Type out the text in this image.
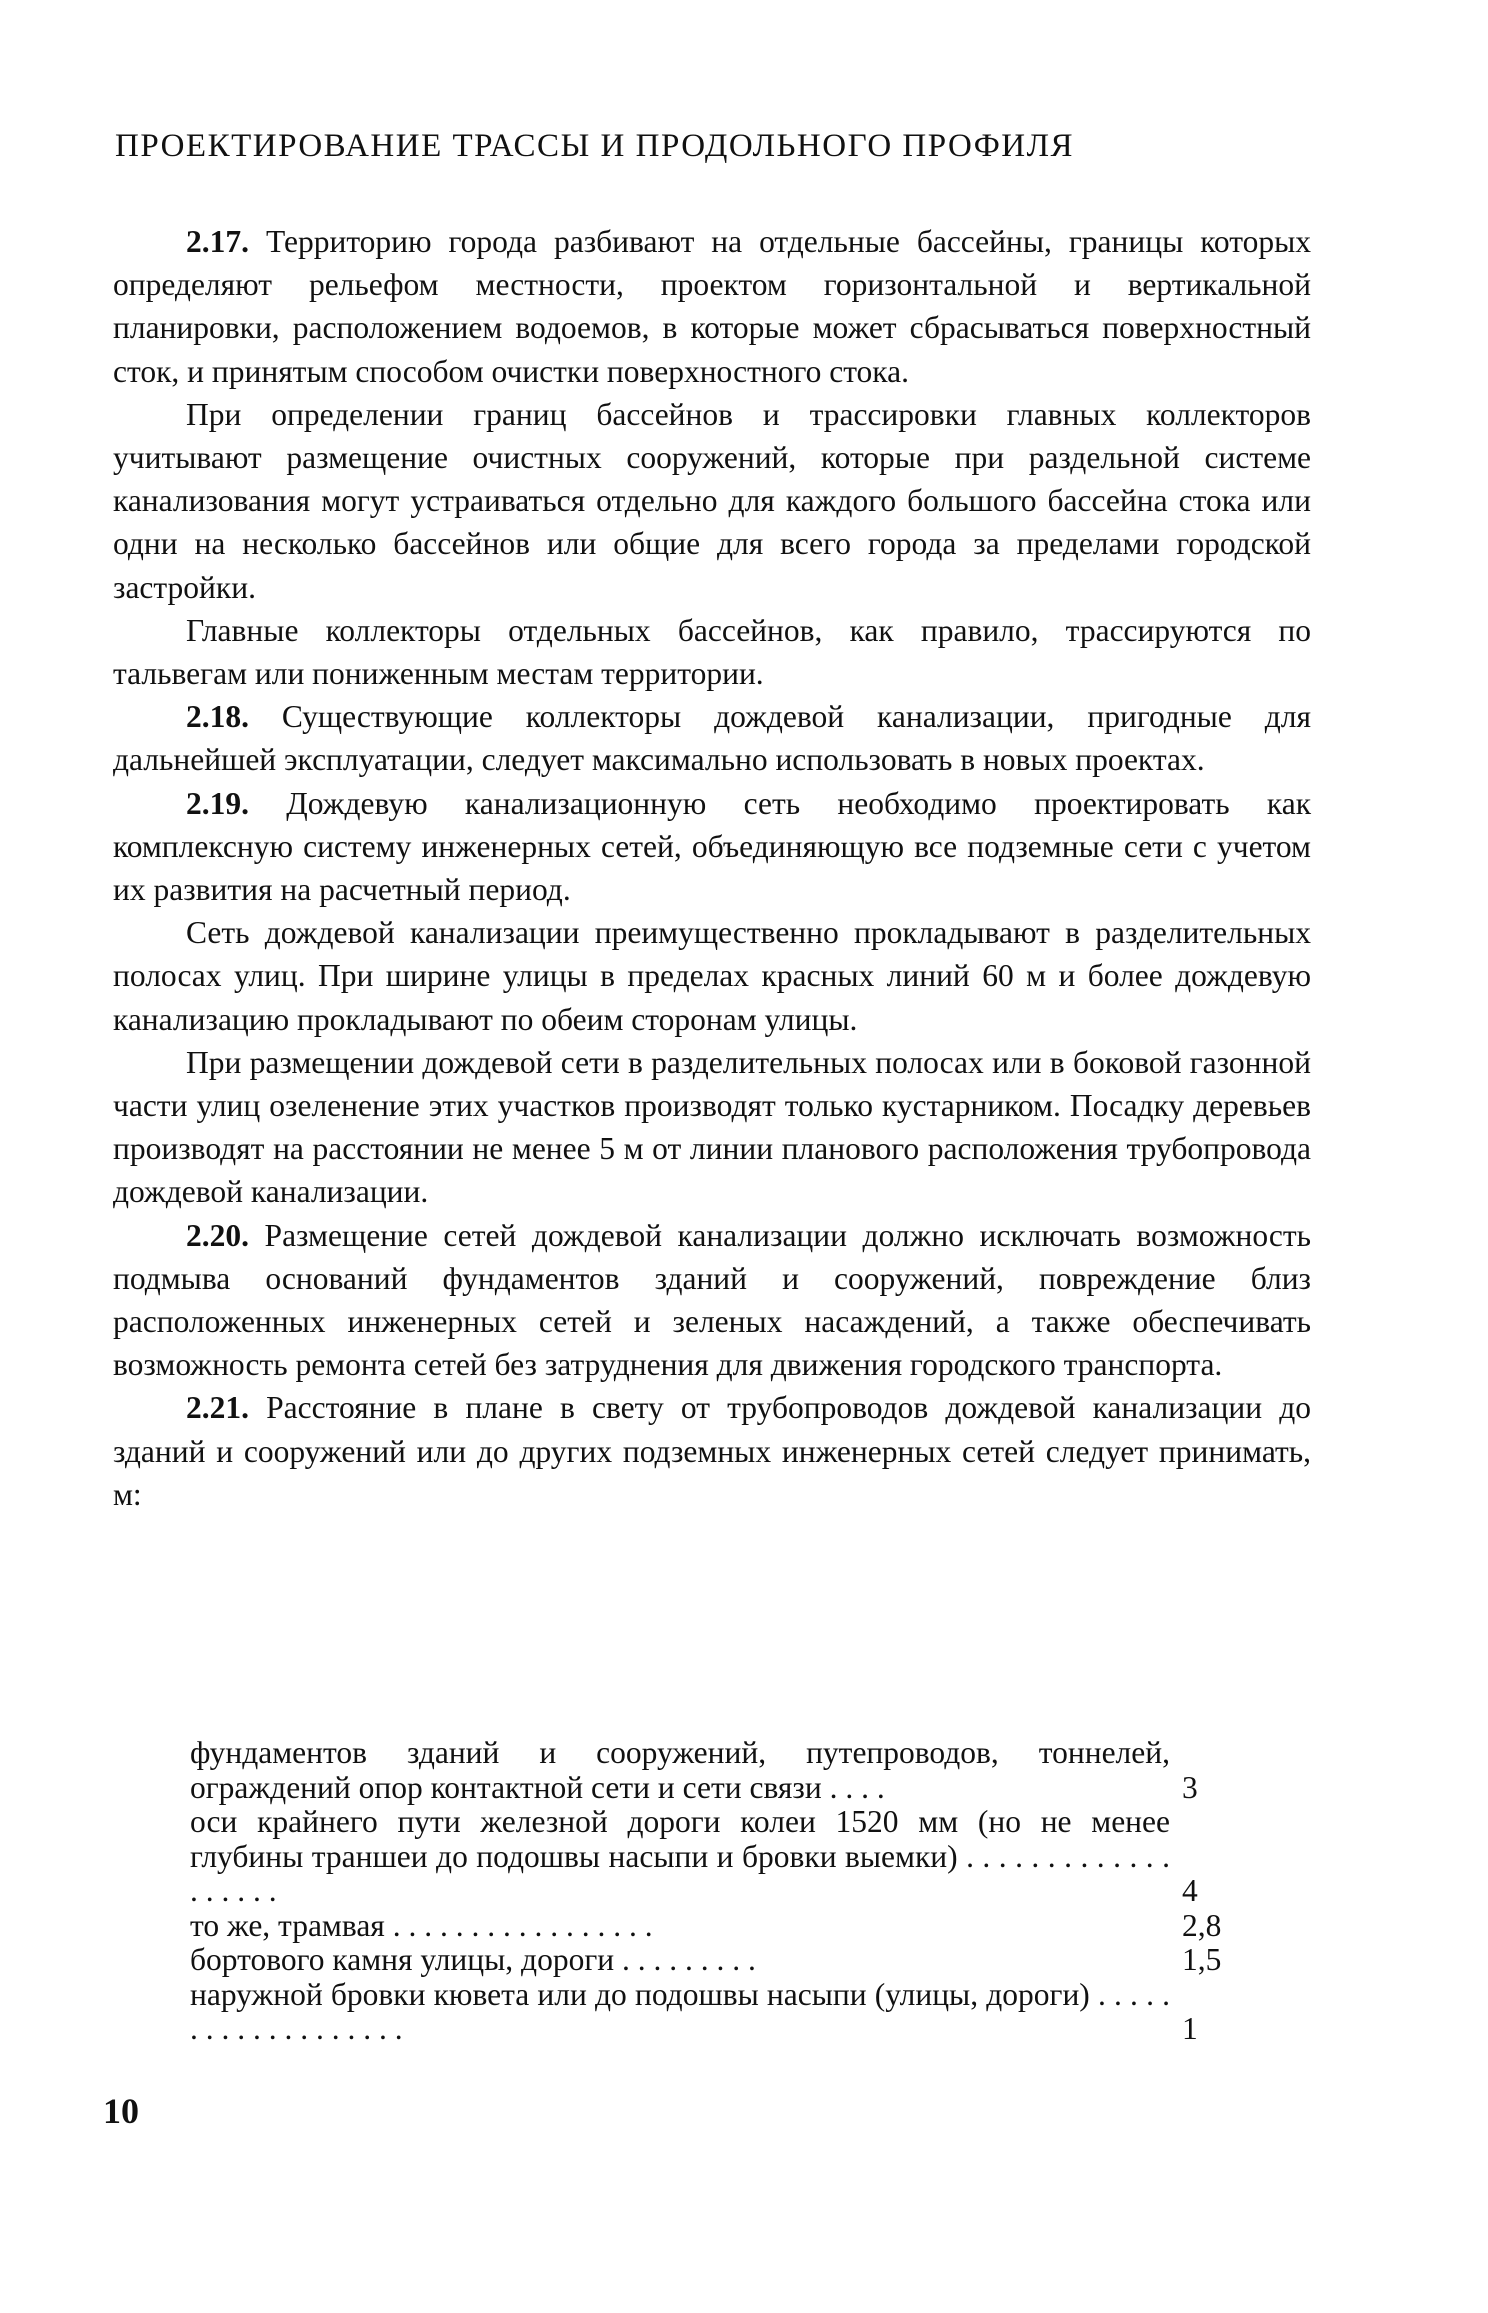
ПРОЕКТИРОВАНИЕ ТРАССЫ И ПРОДОЛЬНОГО ПРОФИЛЯ

2.17. Территорию города разбивают на отдельные бассейны, границы которых определяют рельефом местности, проектом горизонтальной и вертикальной планировки, расположением водоемов, в которые может сбрасываться поверхностный сток, и принятым способом очистки поверхностного стока.

При определении границ бассейнов и трассировки главных коллекторов учитывают размещение очистных сооружений, которые при раздельной системе канализования могут устраиваться отдельно для каждого большого бассейна стока или одни на несколько бассейнов или общие для всего города за пределами городской застройки.

Главные коллекторы отдельных бассейнов, как правило, трассируются по тальвегам или пониженным местам территории.

2.18. Существующие коллекторы дождевой канализации, пригодные для дальнейшей эксплуатации, следует максимально использовать в новых проектах.

2.19. Дождевую канализационную сеть необходимо проектировать как комплексную систему инженерных сетей, объединяющую все подземные сети с учетом их развития на расчетный период.

Сеть дождевой канализации преимущественно прокладывают в разделительных полосах улиц. При ширине улицы в пределах красных линий 60 м и более дождевую канализацию прокладывают по обеим сторонам улицы.

При размещении дождевой сети в разделительных полосах или в боковой газонной части улиц озеленение этих участков производят только кустарником. Посадку деревьев производят на расстоянии не менее 5 м от линии планового расположения трубопровода дождевой канализации.

2.20. Размещение сетей дождевой канализации должно исключать возможность подмыва оснований фундаментов зданий и сооружений, повреждение близ расположенных инженерных сетей и зеленых насаждений, а также обеспечивать возможность ремонта сетей без затруднения для движения городского транспорта.

2.21. Расстояние в плане в свету от трубопроводов дождевой канализации до зданий и сооружений или до других подземных инженерных сетей следует принимать, м:

фундаментов зданий и сооружений, путепроводов, тоннелей, ограждений опор контактной сети и сети связи . . . .	3
оси крайнего пути железной дороги колеи 1520 мм (но не менее глубины траншеи до подошвы насыпи и бровки выемки) . . . . . . . . . . . . . . . . . . .	4
то же, трамвая . . . . . . . . . . . . . . . . .	2,8
бортового камня улицы, дороги . . . . . . . . .	1,5
наружной бровки кювета или до подошвы насыпи (улицы, дороги) . . . . . . . . . . . . . . . . . . .	1
10
